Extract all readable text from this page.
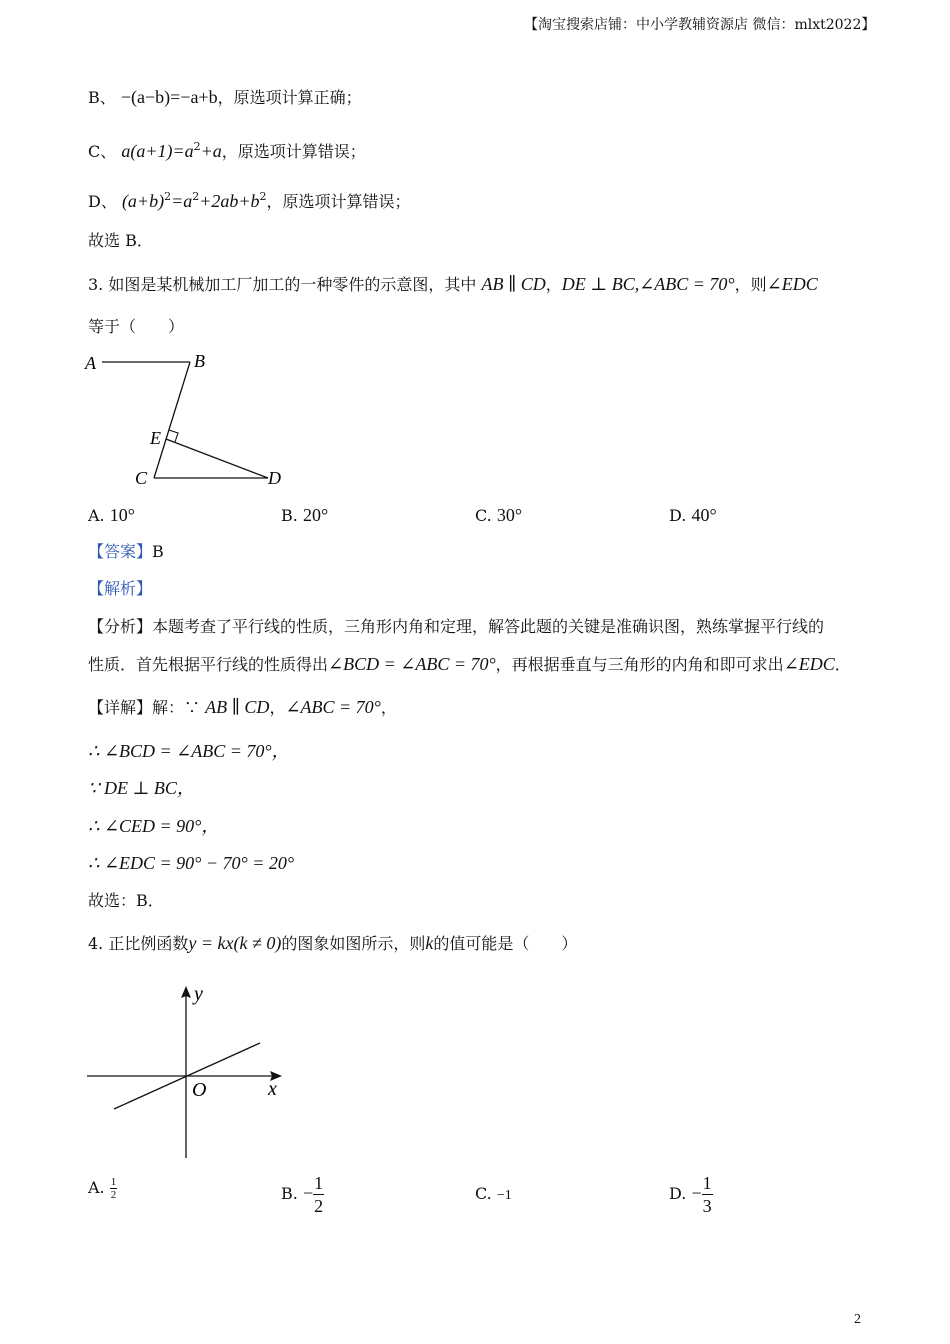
【淘宝搜索店铺：中小学教辅资源店 微信：mlxt2022】
B、 −(a−b)=−a+b，原选项计算正确；
C、 $a(a+1)=a^2+a$，原选项计算错误；
D、 $(a+b)^2=a^2+2ab+b^2$，原选项计算错误；
故选 B．
3. 如图是某机械加工厂加工的一种零件的示意图，其中 AB ∥ CD，DE ⊥ BC,∠ABC = 70°，则∠EDC
等于（　　）
A	B
E
C	D
A. 10°	B. 20°	C. 30°	D. 40°
【答案】B
【解析】
【分析】本题考查了平行线的性质，三角形内角和定理，解答此题的关键是准确识图，熟练掌握平行线的
性质．首先根据平行线的性质得出∠BCD = ∠ABC = 70°，再根据垂直与三角形的内角和即可求出∠EDC．
【详解】解：∵ AB ∥ CD，∠ABC = 70°，
∴ ∠BCD = ∠ABC = 70°，
∵ DE ⊥ BC，
∴ ∠CED = 90°，
∴ ∠EDC = 90° − 70° = 20°
故选：B．
4. 正比例函数y = kx(k ≠ 0)的图象如图所示，则k的值可能是（　　）
y
x
O
A. $\frac{1}{2}$	B. − $\frac{1}{2}$	C. −1	D. − $\frac{1}{3}$
2
